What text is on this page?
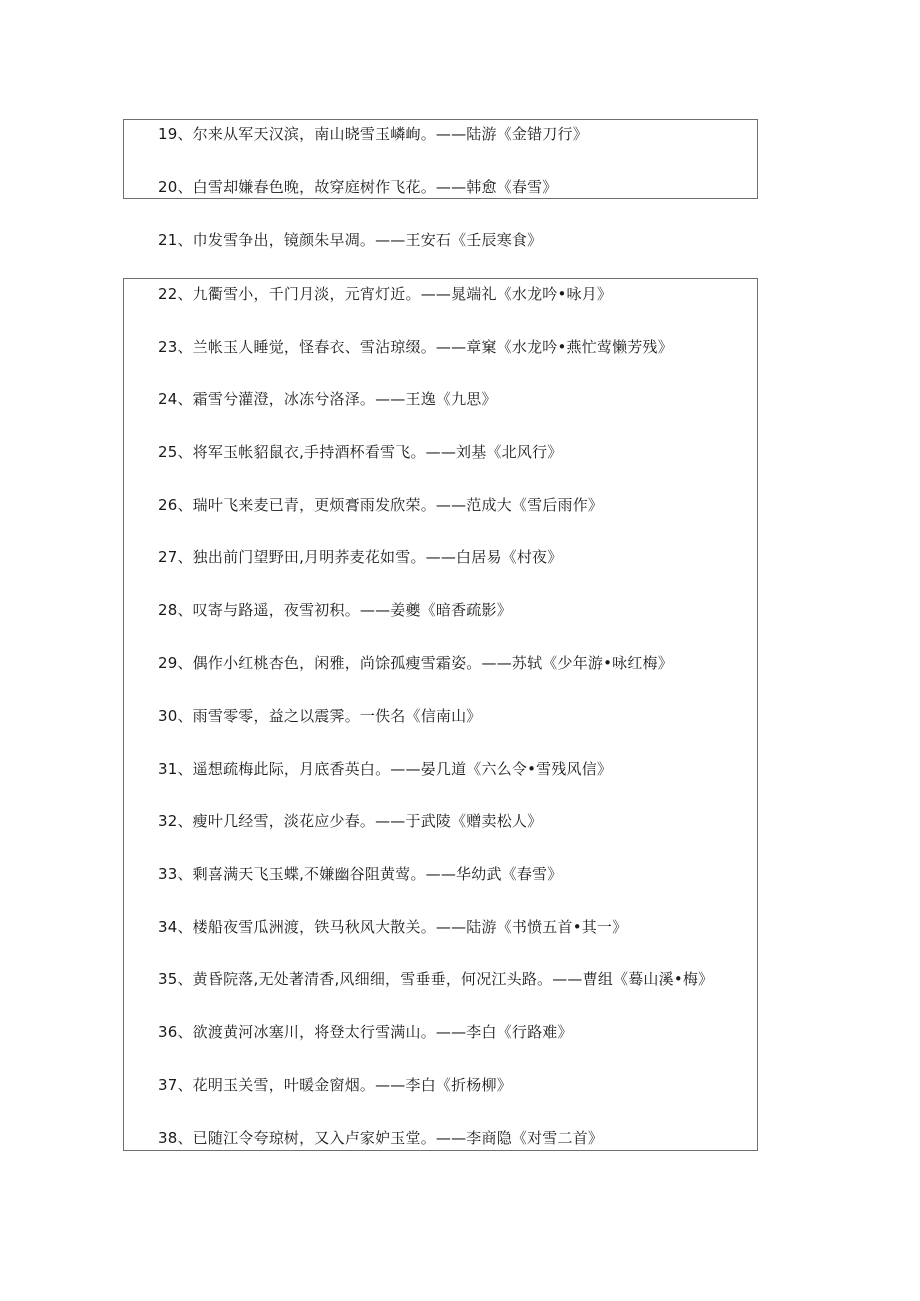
19、尔来从军天汉滨，南山晓雪玉嶙峋。——陆游《金错刀行》
20、白雪却嫌春色晚，故穿庭树作飞花。——韩愈《春雪》
21、巾发雪争出，镜颜朱早凋。——王安石《壬辰寒食》
22、九衢雪小，千门月淡，元宵灯近。——晁端礼《水龙吟•咏月》
23、兰帐玉人睡觉，怪春衣、雪沾琼缀。——章窠《水龙吟•燕忙莺懒芳残》
24、霜雪兮灌澄，冰冻兮洛泽。——王逸《九思》
25、将军玉帐貂鼠衣,手持酒杯看雪飞。——刘基《北风行》
26、瑞叶飞来麦已青，更烦膏雨发欣荣。——范成大《雪后雨作》
27、独出前门望野田,月明荞麦花如雪。——白居易《村夜》
28、叹寄与路遥，夜雪初积。——姜夔《暗香疏影》
29、偶作小红桃杏色，闲雅，尚馀孤瘦雪霜姿。——苏轼《少年游•咏红梅》
30、雨雪零零，益之以震霁。一佚名《信南山》
31、遥想疏梅此际，月底香英白。——晏几道《六么令•雪残风信》
32、瘦叶几经雪，淡花应少春。——于武陵《赠卖松人》
33、剩喜满天飞玉蝶,不嫌幽谷阻黄莺。——华幼武《春雪》
34、楼船夜雪瓜洲渡，铁马秋风大散关。——陆游《书愤五首•其一》
35、黄昏院落,无处著清香,风细细，雪垂垂，何况江头路。——曹组《蓦山溪•梅》
36、欲渡黄河冰塞川，将登太行雪满山。——李白《行路难》
37、花明玉关雪，叶暖金窗烟。——李白《折杨柳》
38、已随江令夸琼树，又入卢家妒玉堂。——李商隐《对雪二首》
